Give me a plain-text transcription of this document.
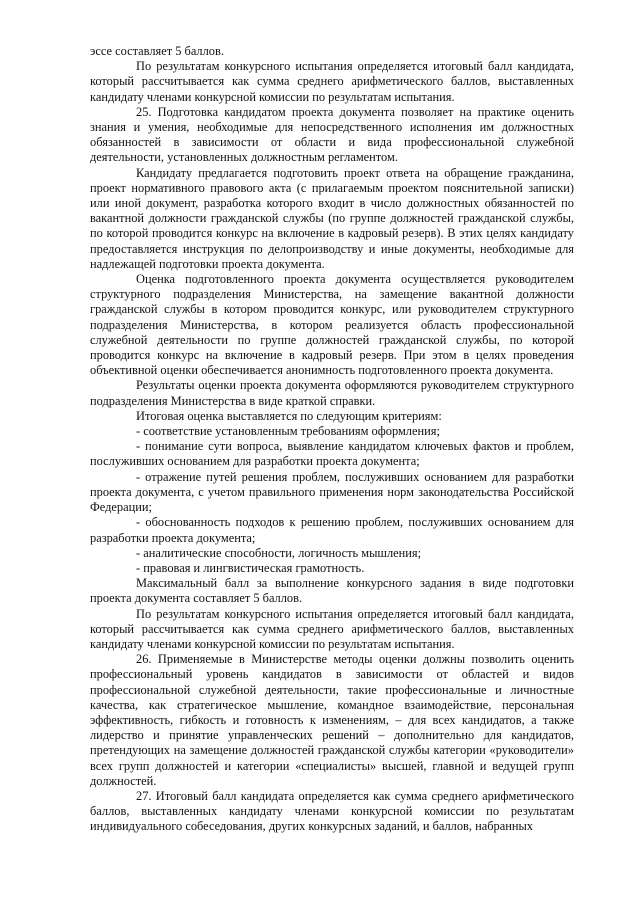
эссе составляет 5 баллов.

По результатам конкурсного испытания определяется итоговый балл кандидата, который рассчитывается как сумма среднего арифметического баллов, выставленных кандидату членами конкурсной комиссии по результатам испытания.

25. Подготовка кандидатом проекта документа позволяет на практике оценить знания и умения, необходимые для непосредственного исполнения им должностных обязанностей в зависимости от области и вида профессиональной служебной деятельности, установленных должностным регламентом.

Кандидату предлагается подготовить проект ответа на обращение гражданина, проект нормативного правового акта (с прилагаемым проектом пояснительной записки) или иной документ, разработка которого входит в число должностных обязанностей по вакантной должности гражданской службы (по группе должностей гражданской службы, по которой проводится конкурс на включение в кадровый резерв). В этих целях кандидату предоставляется инструкция по делопроизводству и иные документы, необходимые для надлежащей подготовки проекта документа.

Оценка подготовленного проекта документа осуществляется руководителем структурного подразделения Министерства, на замещение вакантной должности гражданской службы в котором проводится конкурс, или руководителем структурного подразделения Министерства, в котором реализуется область профессиональной служебной деятельности по группе должностей гражданской службы, по которой проводится конкурс на включение в кадровый резерв. При этом в целях проведения объективной оценки обеспечивается анонимность подготовленного проекта документа.

Результаты оценки проекта документа оформляются руководителем структурного подразделения Министерства в виде краткой справки.

Итоговая оценка выставляется по следующим критериям:

- соответствие установленным требованиям оформления;

- понимание сути вопроса, выявление кандидатом ключевых фактов и проблем, послуживших основанием для разработки проекта документа;

- отражение путей решения проблем, послуживших основанием для разработки проекта документа, с учетом правильного применения норм законодательства Российской Федерации;

- обоснованность подходов к решению проблем, послуживших основанием для разработки проекта документа;

- аналитические способности, логичность мышления;

- правовая и лингвистическая грамотность.

Максимальный балл за выполнение конкурсного задания в виде подготовки проекта документа составляет 5 баллов.

По результатам конкурсного испытания определяется итоговый балл кандидата, который рассчитывается как сумма среднего арифметического баллов, выставленных кандидату членами конкурсной комиссии по результатам испытания.

26. Применяемые в Министерстве методы оценки должны позволить оценить профессиональный уровень кандидатов в зависимости от областей и видов профессиональной служебной деятельности, такие профессиональные и личностные качества, как стратегическое мышление, командное взаимодействие, персональная эффективность, гибкость и готовность к изменениям, – для всех кандидатов, а также лидерство и принятие управленческих решений – дополнительно для кандидатов, претендующих на замещение должностей гражданской службы категории «руководители» всех групп должностей и категории «специалисты» высшей, главной и ведущей групп должностей.

27. Итоговый балл кандидата определяется как сумма среднего арифметического баллов, выставленных кандидату членами конкурсной комиссии по результатам индивидуального собеседования, других конкурсных заданий, и баллов, набранных
